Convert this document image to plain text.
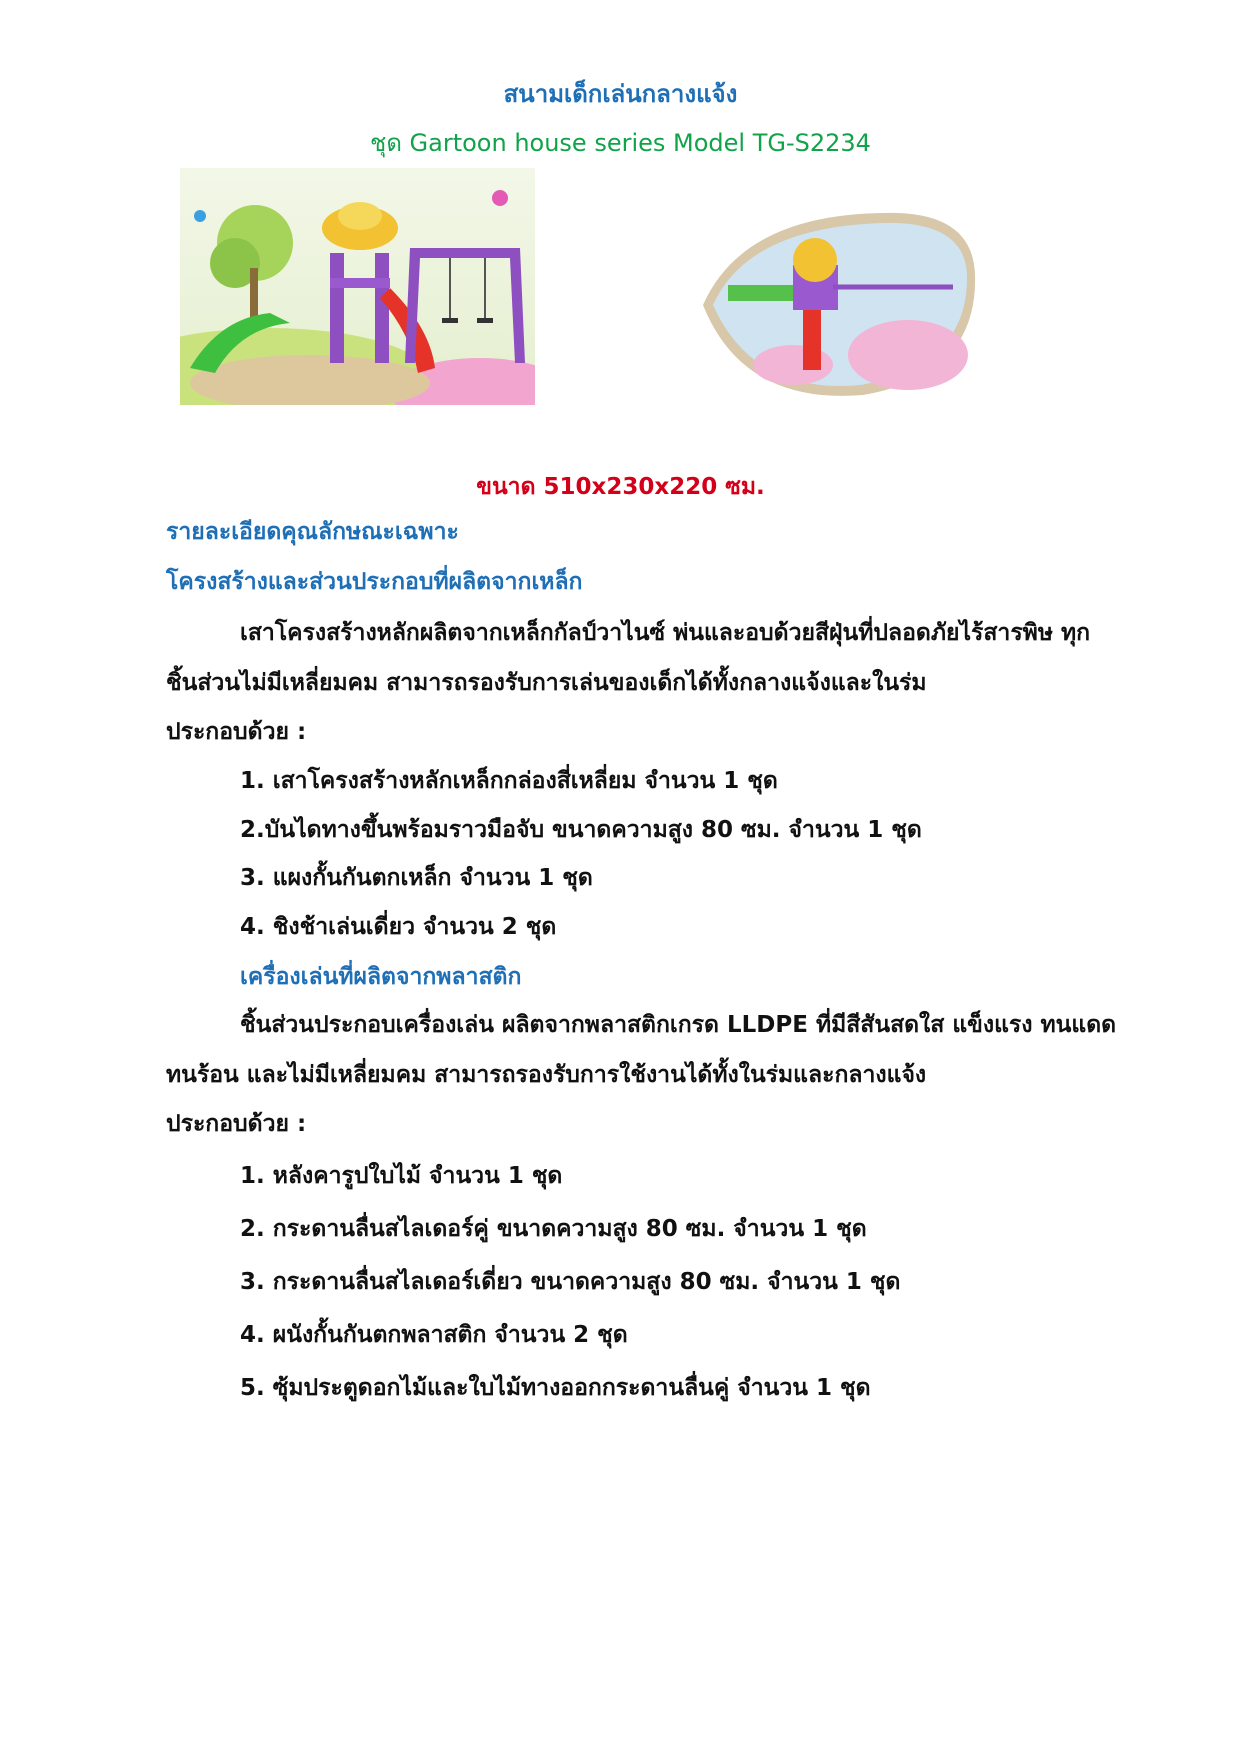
สนามเด็กเล่นกลางแจ้ง
ชุด Gartoon house series Model TG-S2234
ขนาด 510x230x220 ซม.
รายละเอียดคุณลักษณะเฉพาะ
โครงสร้างและส่วนประกอบที่ผลิตจากเหล็ก
เสาโครงสร้างหลักผลิตจากเหล็กกัลป์วาไนซ์ พ่นและอบด้วยสีฝุ่นที่ปลอดภัยไร้สารพิษ ทุก
ชิ้นส่วนไม่มีเหลี่ยมคม สามารถรองรับการเล่นของเด็กได้ทั้งกลางแจ้งและในร่ม
ประกอบด้วย :
1. เสาโครงสร้างหลักเหล็กกล่องสี่เหลี่ยม จำนวน 1 ชุด
2.บันไดทางขึ้นพร้อมราวมือจับ ขนาดความสูง 80 ซม. จำนวน 1 ชุด
3. แผงกั้นกันตกเหล็ก จำนวน 1 ชุด
4. ชิงช้าเล่นเดี่ยว จำนวน 2 ชุด
เครื่องเล่นที่ผลิตจากพลาสติก
ชิ้นส่วนประกอบเครื่องเล่น ผลิตจากพลาสติกเกรด LLDPE ที่มีสีสันสดใส แข็งแรง ทนแดด
ทนร้อน และไม่มีเหลี่ยมคม สามารถรองรับการใช้งานได้ทั้งในร่มและกลางแจ้ง
ประกอบด้วย :
1. หลังคารูปใบไม้ จำนวน 1 ชุด
2. กระดานลื่นสไลเดอร์คู่ ขนาดความสูง 80 ซม. จำนวน 1 ชุด
3. กระดานลื่นสไลเดอร์เดี่ยว ขนาดความสูง 80 ซม. จำนวน 1 ชุด
4. ผนังกั้นกันตกพลาสติก จำนวน 2 ชุด
5. ซุ้มประตูดอกไม้และใบไม้ทางออกกระดานลื่นคู่ จำนวน 1 ชุด
